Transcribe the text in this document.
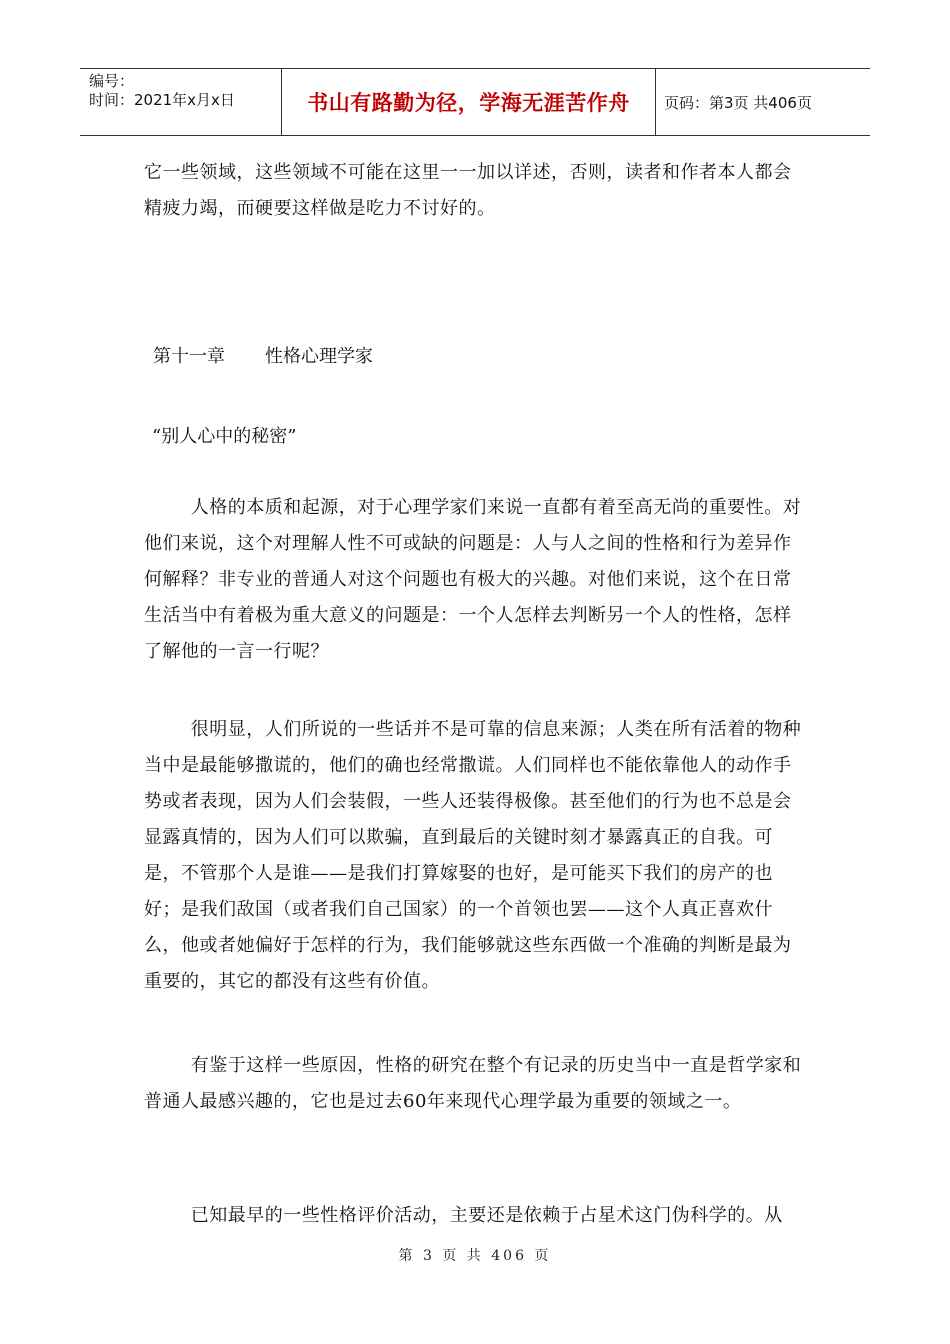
编号：
时间：2021年x月x日	书山有路勤为径，学海无涯苦作舟	页码：第3页 共406页

它一些领域，这些领域不可能在这里一一加以详述，否则，读者和作者本人都会精疲力竭，而硬要这样做是吃力不讨好的。

第十一章 性格心理学家
“别人心中的秘密”

人格的本质和起源，对于心理学家们来说一直都有着至高无尚的重要性。对他们来说，这个对理解人性不可或缺的问题是：人与人之间的性格和行为差异作何解释？非专业的普通人对这个问题也有极大的兴趣。对他们来说，这个在日常生活当中有着极为重大意义的问题是：一个人怎样去判断另一个人的性格，怎样了解他的一言一行呢？

很明显，人们所说的一些话并不是可靠的信息来源；人类在所有活着的物种当中是最能够撒谎的，他们的确也经常撒谎。人们同样也不能依靠他人的动作手势或者表现，因为人们会装假，一些人还装得极像。甚至他们的行为也不总是会显露真情的，因为人们可以欺骗，直到最后的关键时刻才暴露真正的自我。可是，不管那个人是谁——是我们打算嫁娶的也好，是可能买下我们的房产的也好；是我们敌国（或者我们自己国家）的一个首领也罢——这个人真正喜欢什么，他或者她偏好于怎样的行为，我们能够就这些东西做一个准确的判断是最为重要的，其它的都没有这些有价值。

有鉴于这样一些原因，性格的研究在整个有记录的历史当中一直是哲学家和普通人最感兴趣的，它也是过去60年来现代心理学最为重要的领域之一。

已知最早的一些性格评价活动，主要还是依赖于占星术这门伪科学的。从

第 3 页 共 406 页
